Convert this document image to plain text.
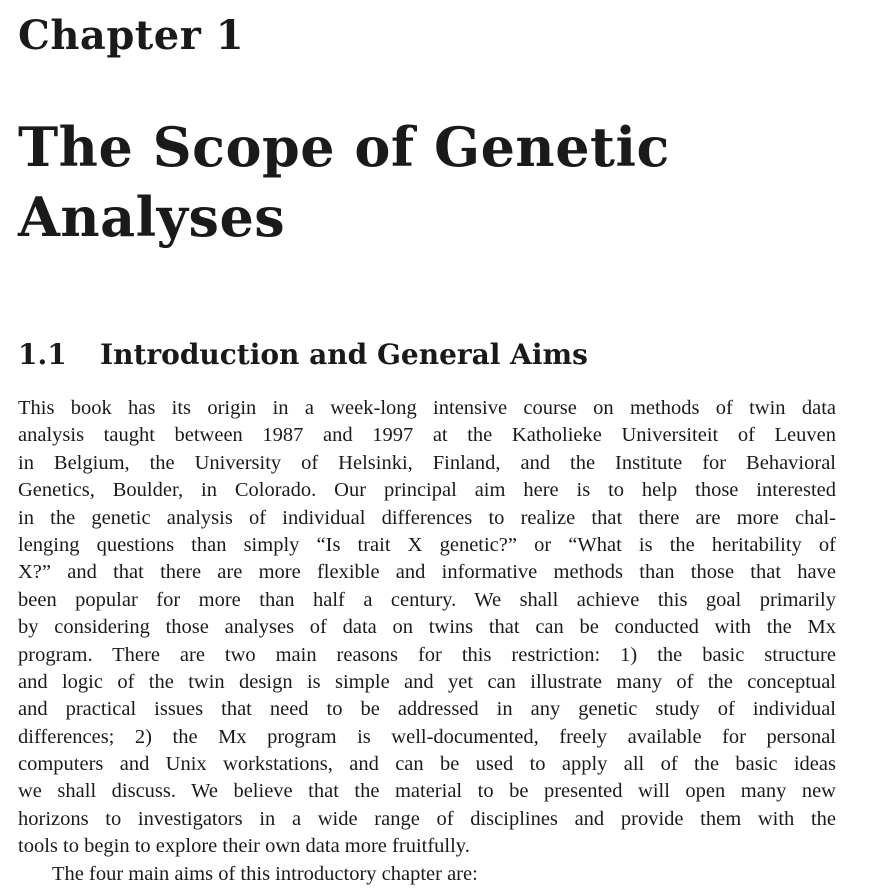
Chapter 1
The Scope of Genetic Analyses
1.1 Introduction and General Aims
This book has its origin in a week-long intensive course on methods of twin data
analysis taught between 1987 and 1997 at the Katholieke Universiteit of Leuven
in Belgium, the University of Helsinki, Finland, and the Institute for Behavioral
Genetics, Boulder, in Colorado. Our principal aim here is to help those interested
in the genetic analysis of individual differences to realize that there are more chal-
lenging questions than simply “Is trait X genetic?” or “What is the heritability of
X?” and that there are more flexible and informative methods than those that have
been popular for more than half a century. We shall achieve this goal primarily
by considering those analyses of data on twins that can be conducted with the Mx
program. There are two main reasons for this restriction: 1) the basic structure
and logic of the twin design is simple and yet can illustrate many of the conceptual
and practical issues that need to be addressed in any genetic study of individual
differences; 2) the Mx program is well-documented, freely available for personal
computers and Unix workstations, and can be used to apply all of the basic ideas
we shall discuss. We believe that the material to be presented will open many new
horizons to investigators in a wide range of disciplines and provide them with the
tools to begin to explore their own data more fruitfully.
The four main aims of this introductory chapter are:
